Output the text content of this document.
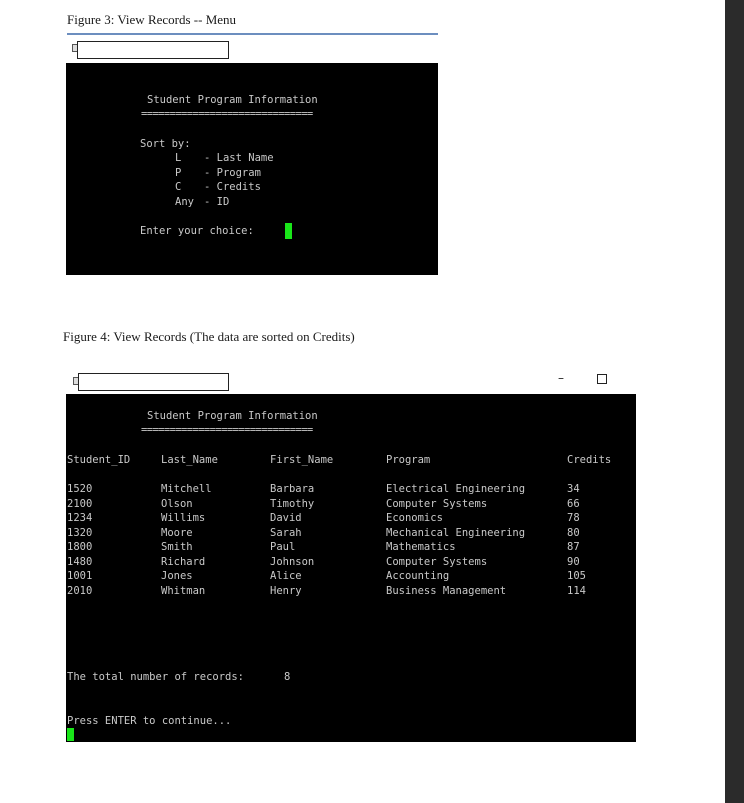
Figure 3: View Records -- Menu
Student Program Information
==============================
Sort by:
L - Last Name
P - Program
C - Credits
Any - ID
Enter your choice:
Figure 4: View Records (The data are sorted on Credits)
–
Student Program Information
==============================
Student_ID	Last_Name	First_Name	Program	Credits
1520	Mitchell	Barbara	Electrical Engineering	34
2100	Olson	Timothy	Computer Systems	66
1234	Willims	David	Economics	78
1320	Moore	Sarah	Mechanical Engineering	80
1800	Smith	Paul	Mathematics	87
1480	Richard	Johnson	Computer Systems	90
1001	Jones	Alice	Accounting	105
2010	Whitman	Henry	Business Management	114
The total number of records:	8
Press ENTER to continue...
